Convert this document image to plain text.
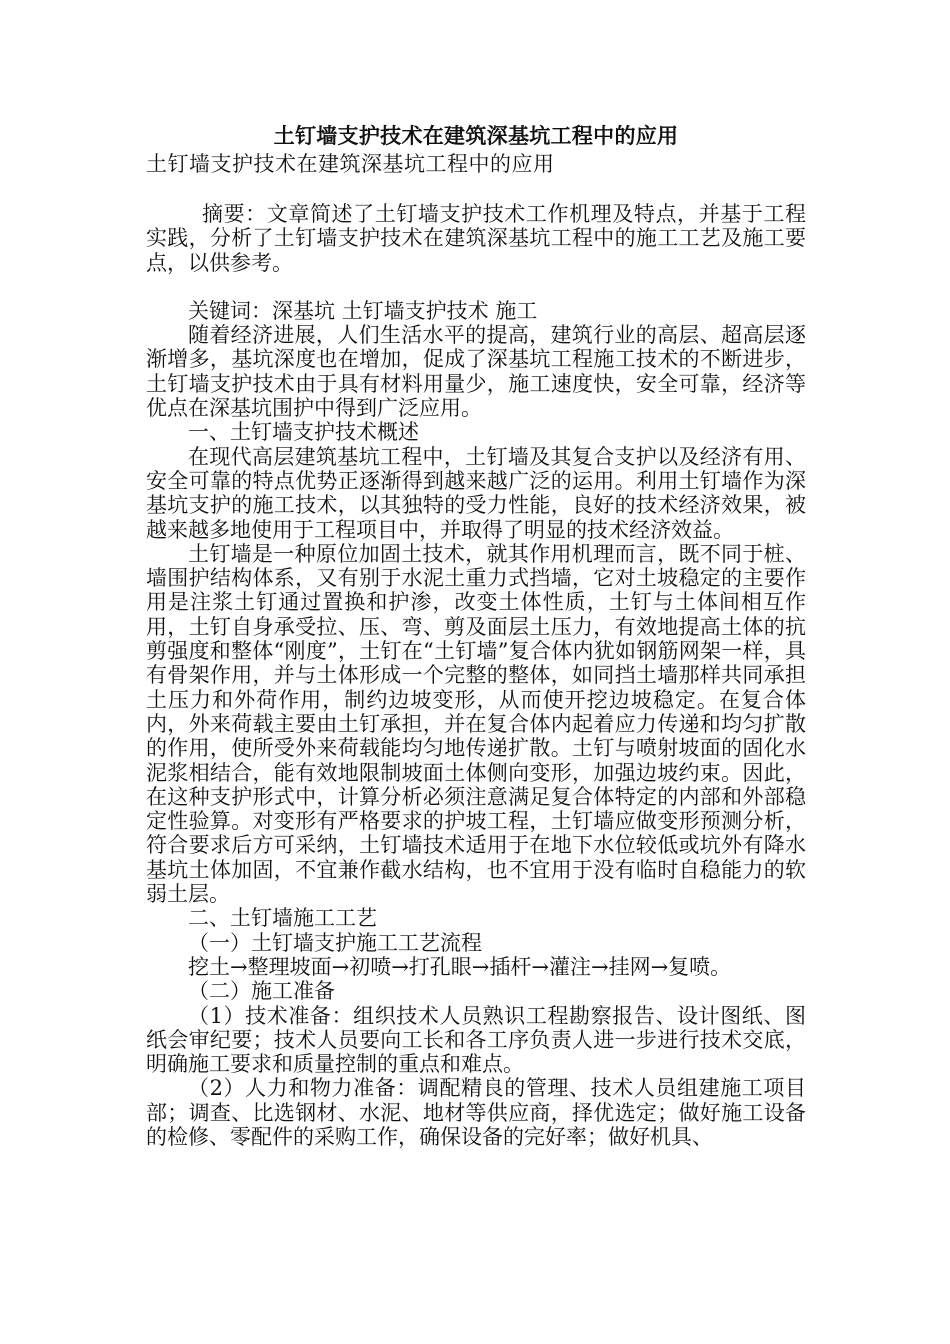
土钉墙支护技术在建筑深基坑工程中的应用

土钉墙支护技术在建筑深基坑工程中的应用

摘要：文章简述了土钉墙支护技术工作机理及特点，并基于工程实践，分析了土钉墙支护技术在建筑深基坑工程中的施工工艺及施工要点，以供参考。

关键词：深基坑 土钉墙支护技术 施工

随着经济进展，人们生活水平的提高，建筑行业的高层、超高层逐渐增多，基坑深度也在增加，促成了深基坑工程施工技术的不断进步，土钉墙支护技术由于具有材料用量少，施工速度快，安全可靠，经济等优点在深基坑围护中得到广泛应用。

一、土钉墙支护技术概述

在现代高层建筑基坑工程中，土钉墙及其复合支护以及经济有用、安全可靠的特点优势正逐渐得到越来越广泛的运用。利用土钉墙作为深基坑支护的施工技术，以其独特的受力性能，良好的技术经济效果，被越来越多地使用于工程项目中，并取得了明显的技术经济效益。

土钉墙是一种原位加固土技术，就其作用机理而言，既不同于桩、墙围护结构体系，又有别于水泥土重力式挡墙，它对土坡稳定的主要作用是注浆土钉通过置换和护渗，改变土体性质，土钉与土体间相互作用，土钉自身承受拉、压、弯、剪及面层土压力，有效地提高土体的抗剪强度和整体“刚度”，土钉在“土钉墙”复合体内犹如钢筋网架一样，具有骨架作用，并与土体形成一个完整的整体，如同挡土墙那样共同承担土压力和外荷作用，制约边坡变形，从而使开挖边坡稳定。在复合体内，外来荷载主要由土钉承担，并在复合体内起着应力传递和均匀扩散的作用，使所受外来荷载能均匀地传递扩散。土钉与喷射坡面的固化水泥浆相结合，能有效地限制坡面土体侧向变形，加强边坡约束。因此，在这种支护形式中，计算分析必须注意满足复合体特定的内部和外部稳定性验算。对变形有严格要求的护坡工程，土钉墙应做变形预测分析，符合要求后方可采纳，土钉墙技术适用于在地下水位较低或坑外有降水基坑土体加固，不宜兼作截水结构，也不宜用于没有临时自稳能力的软弱土层。

二、土钉墙施工工艺

（一）土钉墙支护施工工艺流程

挖土→整理坡面→初喷→打孔眼→插杆→灌注→挂网→复喷。

（二）施工准备

（1）技术准备：组织技术人员熟识工程勘察报告、设计图纸、图纸会审纪要；技术人员要向工长和各工序负责人进一步进行技术交底，明确施工要求和质量控制的重点和难点。

（2）人力和物力准备：调配精良的管理、技术人员组建施工项目部；调查、比选钢材、水泥、地材等供应商，择优选定；做好施工设备的检修、零配件的采购工作，确保设备的完好率；做好机具、
